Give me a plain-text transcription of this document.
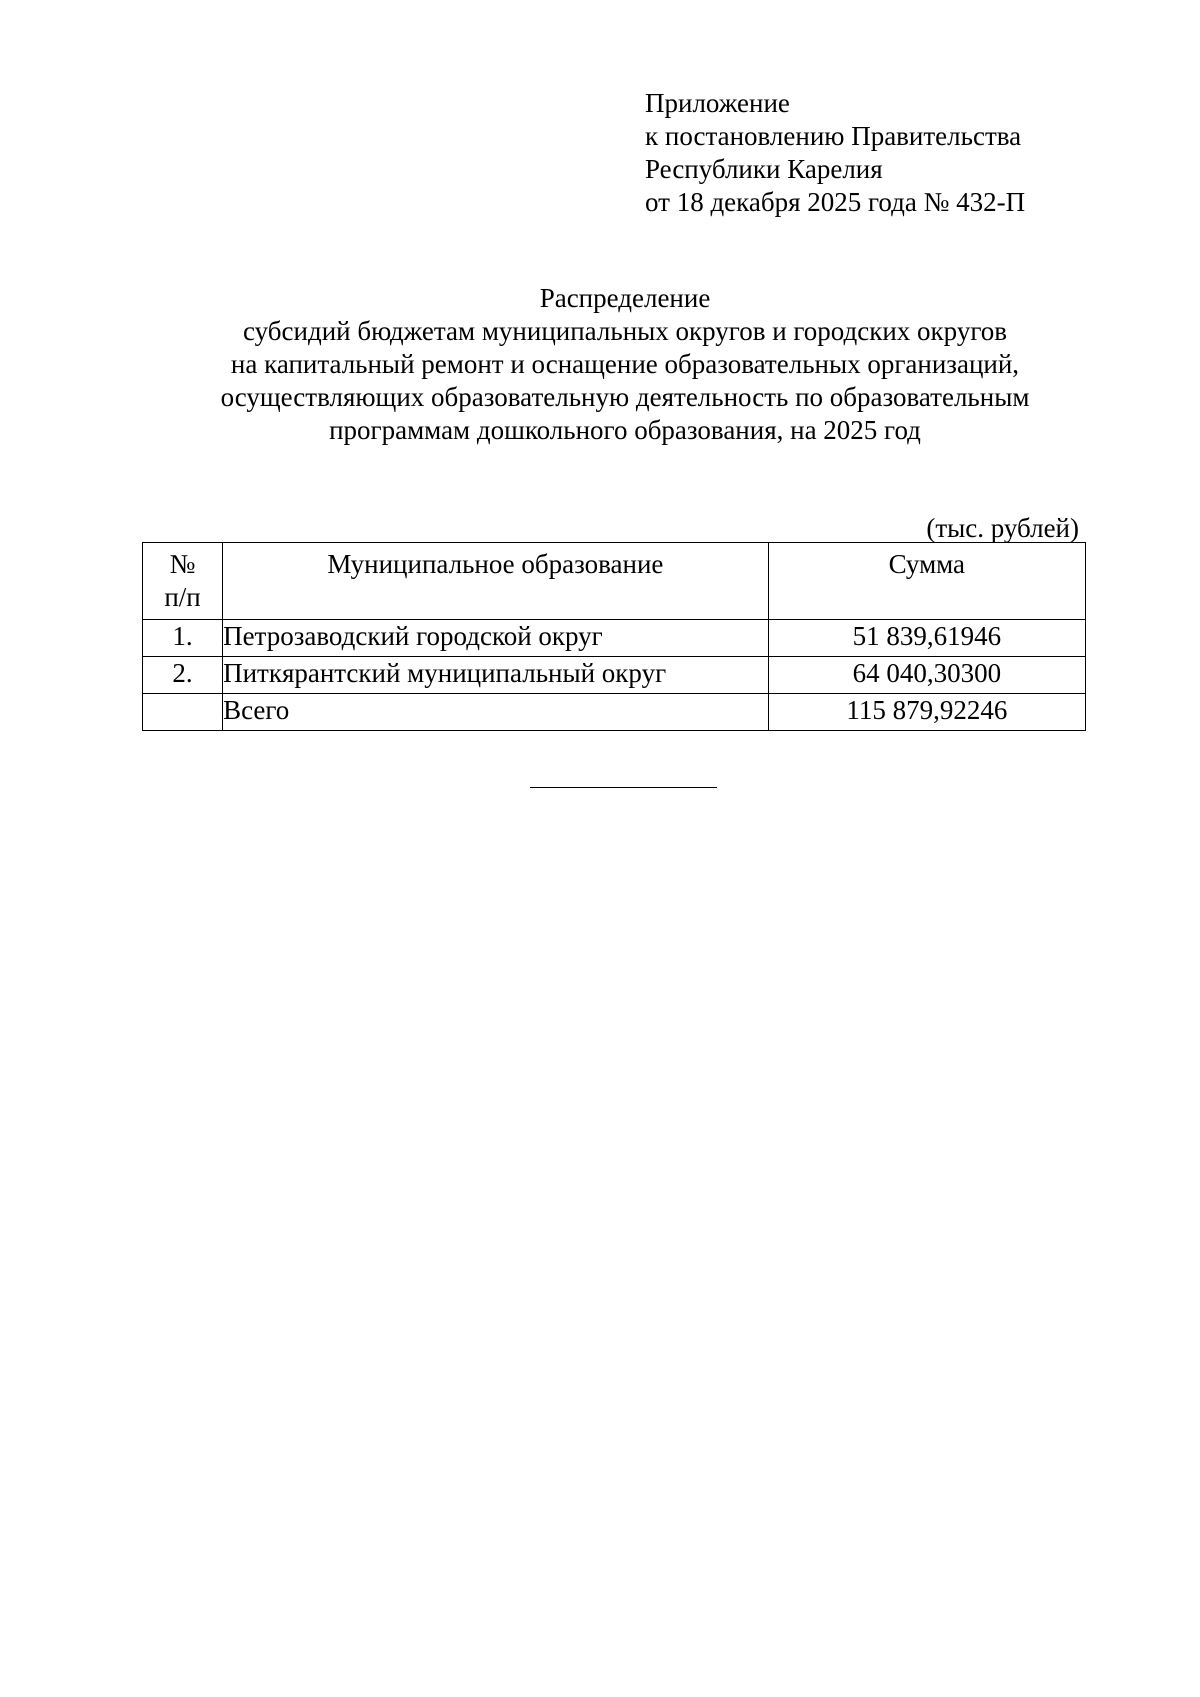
Приложение
к постановлению Правительства
Республики Карелия
от 18 декабря 2025 года № 432-П
Распределение
субсидий бюджетам муниципальных округов и городских округов
на капитальный ремонт и оснащение образовательных организаций,
осуществляющих образовательную деятельность по образовательным
программам дошкольного образования, на 2025 год
(тыс. рублей)
№
п/п	Муниципальное образование	Сумма
1.	Петрозаводский городской округ	51 839,61946
2.	Питкярантский муниципальный округ	64 040,30300
	Всего	115 879,92246
